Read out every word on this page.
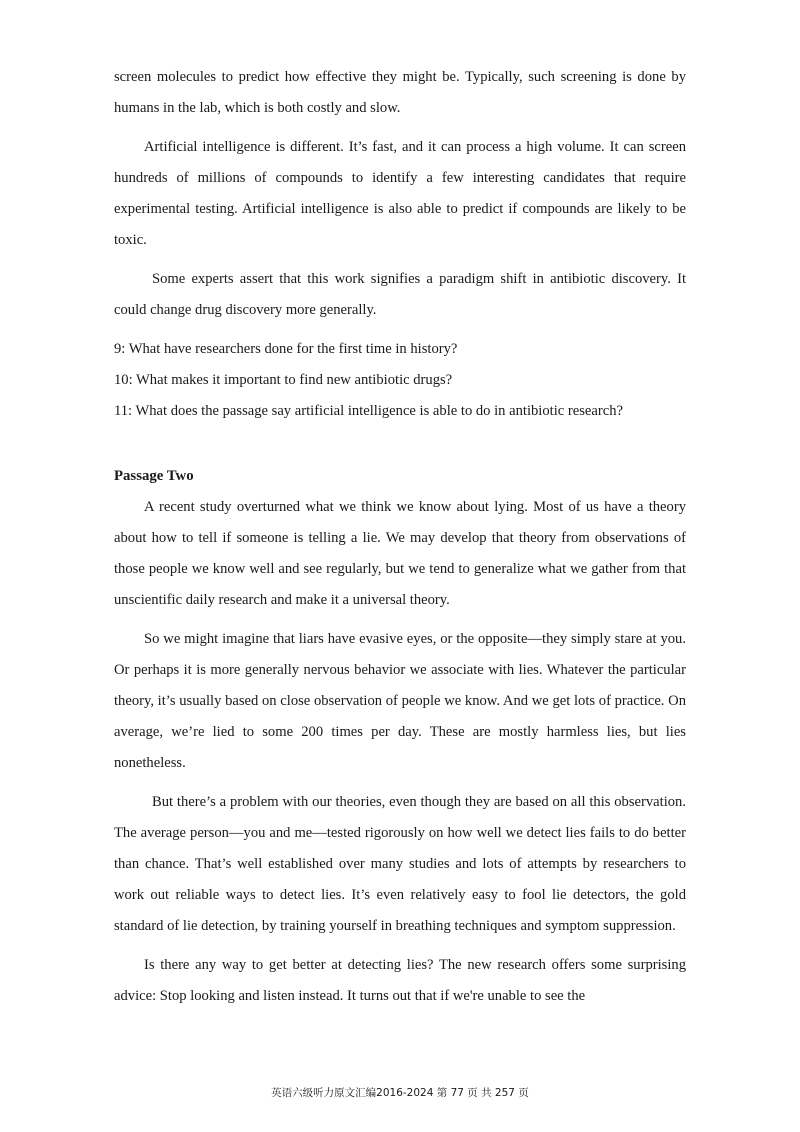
screen molecules to predict how effective they might be. Typically, such screening is done by humans in the lab, which is both costly and slow.

Artificial intelligence is different. It’s fast, and it can process a high volume. It can screen hundreds of millions of compounds to identify a few interesting candidates that require experimental testing. Artificial intelligence is also able to predict if compounds are likely to be toxic.

Some experts assert that this work signifies a paradigm shift in antibiotic discovery. It could change drug discovery more generally.

9: What have researchers done for the first time in history?

10: What makes it important to find new antibiotic drugs?

11: What does the passage say artificial intelligence is able to do in antibiotic research?

Passage Two

A recent study overturned what we think we know about lying. Most of us have a theory about how to tell if someone is telling a lie. We may develop that theory from observations of those people we know well and see regularly, but we tend to generalize what we gather from that unscientific daily research and make it a universal theory.

So we might imagine that liars have evasive eyes, or the opposite—they simply stare at you. Or perhaps it is more generally nervous behavior we associate with lies. Whatever the particular theory, it’s usually based on close observation of people we know. And we get lots of practice. On average, we’re lied to some 200 times per day. These are mostly harmless lies, but lies nonetheless.

But there’s a problem with our theories, even though they are based on all this observation. The average person—you and me—tested rigorously on how well we detect lies fails to do better than chance. That’s well established over many studies and lots of attempts by researchers to work out reliable ways to detect lies. It’s even relatively easy to fool lie detectors, the gold standard of lie detection, by training yourself in breathing techniques and symptom suppression.

Is there any way to get better at detecting lies? The new research offers some surprising advice: Stop looking and listen instead. It turns out that if we're unable to see the

英语六级听力原文汇编2016-2024 第 77 页 共 257 页
